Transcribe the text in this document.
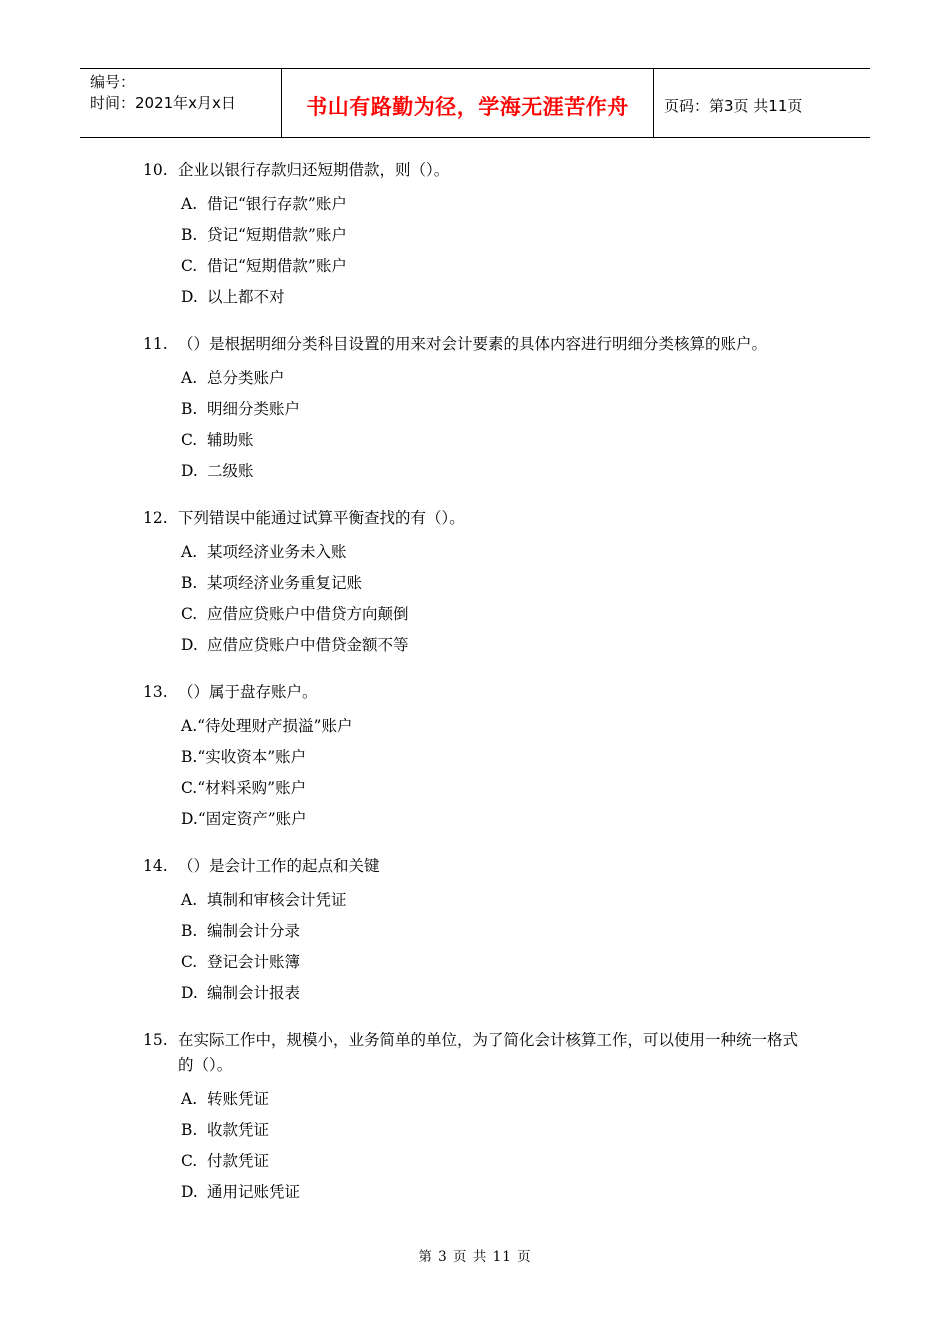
编号：
时间：2021年x月x日	书山有路勤为径，学海无涯苦作舟 页码：第3页 共11页
10. 企业以银行存款归还短期借款，则（）。
A. 借记“银行存款”账户
B. 贷记“短期借款”账户
C. 借记“短期借款”账户
D. 以上都不对
11. （）是根据明细分类科目设置的用来对会计要素的具体内容进行明细分类核算的账户。
A. 总分类账户
B. 明细分类账户
C. 辅助账
D. 二级账
12. 下列错误中能通过试算平衡查找的有（）。
A. 某项经济业务未入账
B. 某项经济业务重复记账
C. 应借应贷账户中借贷方向颠倒
D. 应借应贷账户中借贷金额不等
13. （）属于盘存账户。
A. “待处理财产损溢”账户
B. “实收资本”账户
C. “材料采购”账户
D. “固定资产”账户
14. （）是会计工作的起点和关键
A. 填制和审核会计凭证
B. 编制会计分录
C. 登记会计账簿
D. 编制会计报表
15. 在实际工作中，规模小，业务简单的单位，为了简化会计核算工作，可以使用一种统一格式的（）。
A. 转账凭证
B. 收款凭证
C. 付款凭证
D. 通用记账凭证
第 3 页 共 11 页
